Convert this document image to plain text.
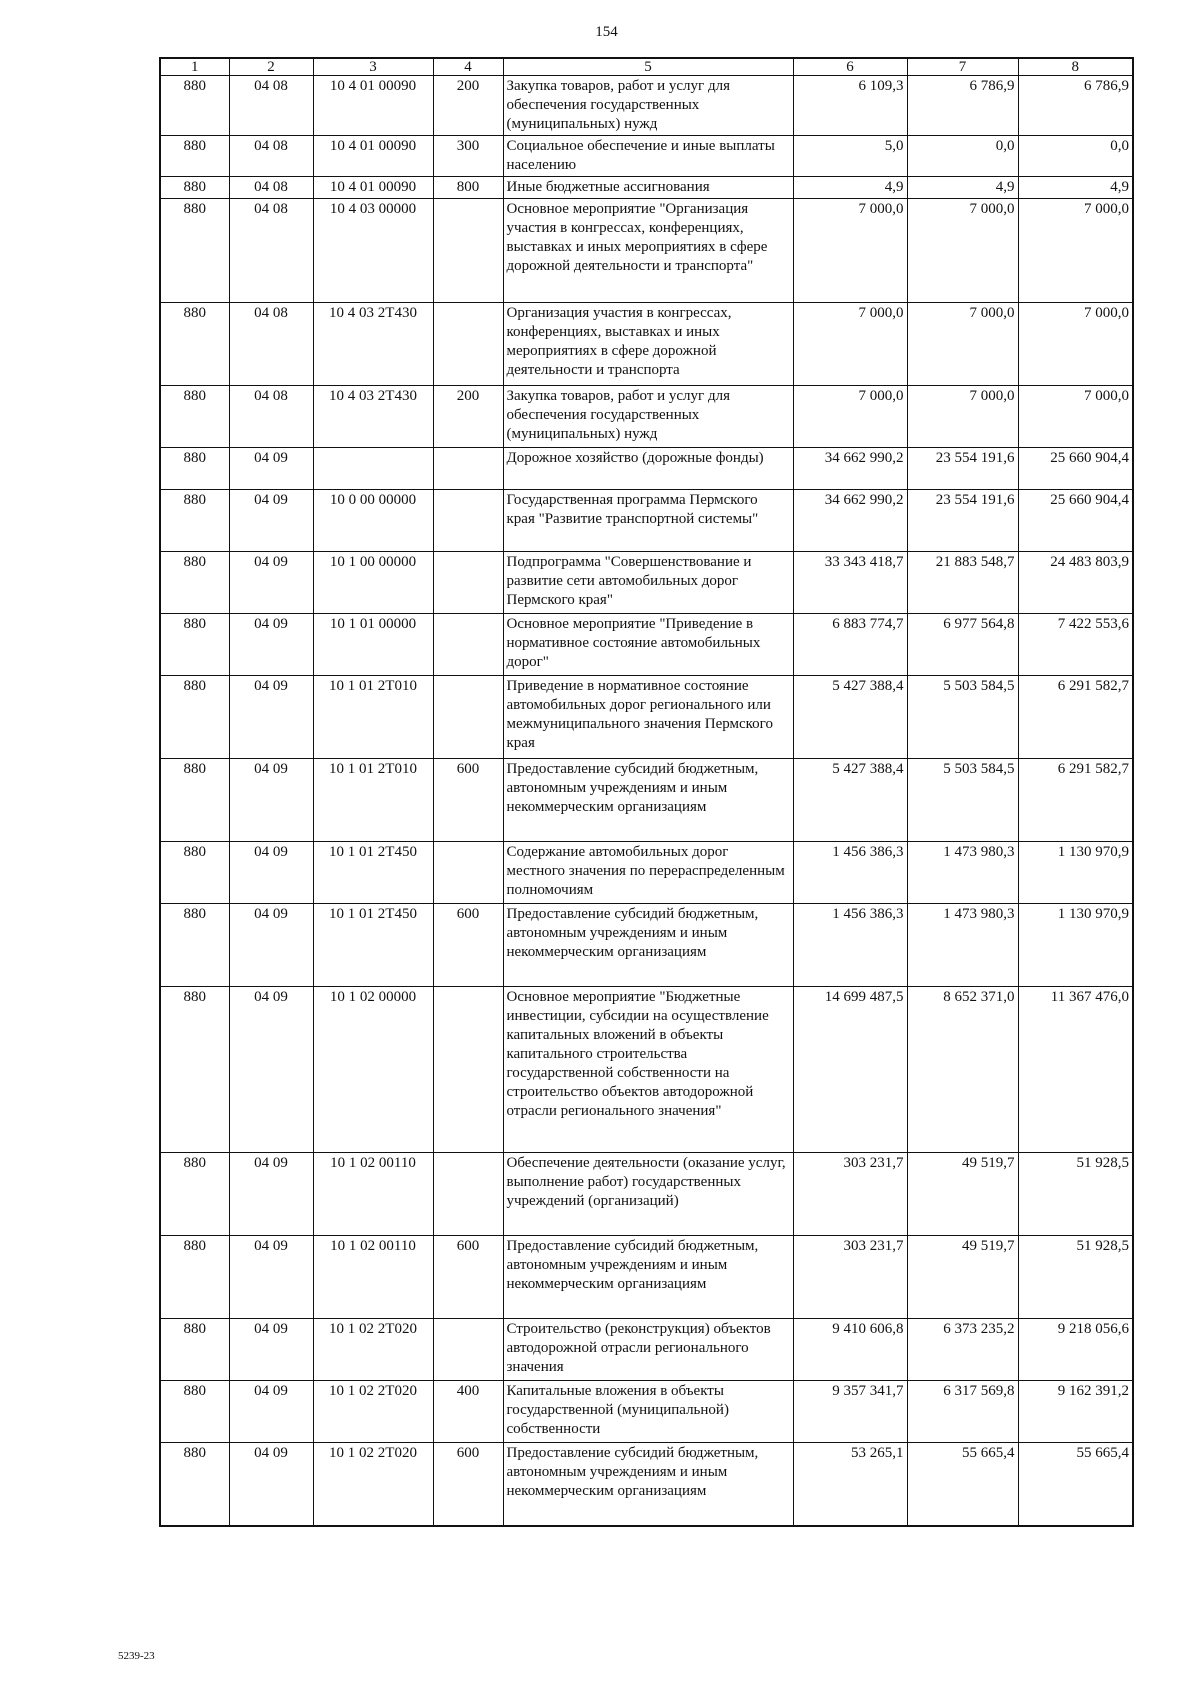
154
1	2	3	4	5	6	7	8
880	04 08	10 4 01 00090	200	Закупка товаров, работ и услуг для обеспечения государственных (муниципальных) нужд	6 109,3	6 786,9	6 786,9
880	04 08	10 4 01 00090	300	Социальное обеспечение и иные выплаты населению	5,0	0,0	0,0
880	04 08	10 4 01 00090	800	Иные бюджетные ассигнования	4,9	4,9	4,9
880	04 08	10 4 03 00000		Основное мероприятие "Организация участия в конгрессах, конференциях, выставках и иных мероприятиях в сфере дорожной деятельности и транспорта"	7 000,0	7 000,0	7 000,0
880	04 08	10 4 03 2Т430		Организация участия в конгрессах, конференциях, выставках и иных мероприятиях в сфере дорожной деятельности и транспорта	7 000,0	7 000,0	7 000,0
880	04 08	10 4 03 2Т430	200	Закупка товаров, работ и услуг для обеспечения государственных (муниципальных) нужд	7 000,0	7 000,0	7 000,0
880	04 09			Дорожное хозяйство (дорожные фонды)	34 662 990,2	23 554 191,6	25 660 904,4
880	04 09	10 0 00 00000		Государственная программа Пермского края "Развитие транспортной системы"	34 662 990,2	23 554 191,6	25 660 904,4
880	04 09	10 1 00 00000		Подпрограмма "Совершенствование и развитие сети автомобильных дорог Пермского края"	33 343 418,7	21 883 548,7	24 483 803,9
880	04 09	10 1 01 00000		Основное мероприятие "Приведение в нормативное состояние автомобильных дорог"	6 883 774,7	6 977 564,8	7 422 553,6
880	04 09	10 1 01 2Т010		Приведение в нормативное состояние автомобильных дорог регионального или межмуниципального значения Пермского края	5 427 388,4	5 503 584,5	6 291 582,7
880	04 09	10 1 01 2Т010	600	Предоставление субсидий бюджетным, автономным учреждениям и иным некоммерческим организациям	5 427 388,4	5 503 584,5	6 291 582,7
880	04 09	10 1 01 2Т450		Содержание автомобильных дорог местного значения по перераспределенным полномочиям	1 456 386,3	1 473 980,3	1 130 970,9
880	04 09	10 1 01 2Т450	600	Предоставление субсидий бюджетным, автономным учреждениям и иным некоммерческим организациям	1 456 386,3	1 473 980,3	1 130 970,9
880	04 09	10 1 02 00000		Основное мероприятие "Бюджетные инвестиции, субсидии на осуществление капитальных вложений в объекты капитального строительства государственной собственности на строительство объектов автодорожной отрасли регионального значения"	14 699 487,5	8 652 371,0	11 367 476,0
880	04 09	10 1 02 00110		Обеспечение деятельности (оказание услуг, выполнение работ) государственных учреждений (организаций)	303 231,7	49 519,7	51 928,5
880	04 09	10 1 02 00110	600	Предоставление субсидий бюджетным, автономным учреждениям и иным некоммерческим организациям	303 231,7	49 519,7	51 928,5
880	04 09	10 1 02 2Т020		Строительство (реконструкция) объектов автодорожной отрасли регионального значения	9 410 606,8	6 373 235,2	9 218 056,6
880	04 09	10 1 02 2Т020	400	Капитальные вложения в объекты государственной (муниципальной) собственности	9 357 341,7	6 317 569,8	9 162 391,2
880	04 09	10 1 02 2Т020	600	Предоставление субсидий бюджетным, автономным учреждениям и иным некоммерческим организациям	53 265,1	55 665,4	55 665,4
5239-23
